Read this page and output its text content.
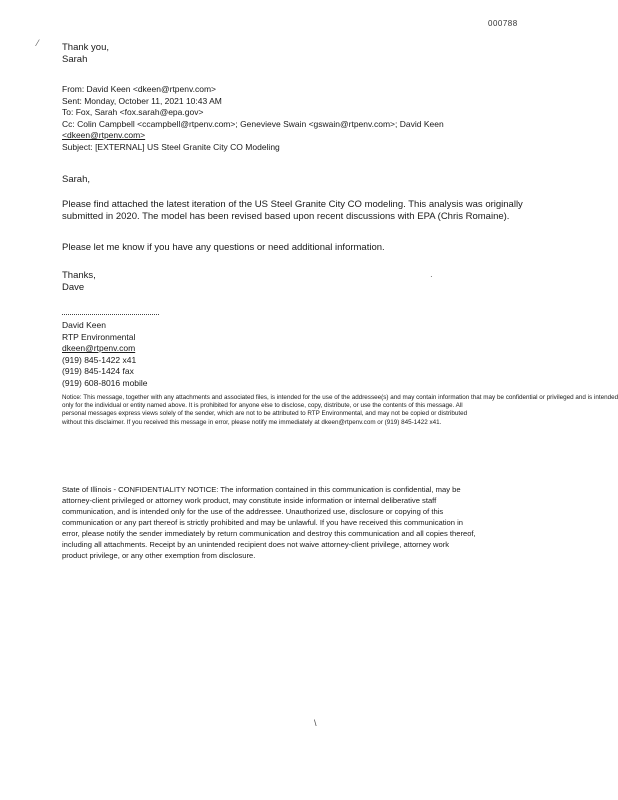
000788
⁄ Thank you,
Sarah
From: David Keen <dkeen@rtpenv.com>
Sent: Monday, October 11, 2021 10:43 AM
To: Fox, Sarah <fox.sarah@epa.gov>
Cc: Colin Campbell <ccampbell@rtpenv.com>; Genevieve Swain <gswain@rtpenv.com>; David Keen
<dkeen@rtpenv.com>
Subject: [EXTERNAL] US Steel Granite City CO Modeling
Sarah,
Please find attached the latest iteration of the US Steel Granite City CO modeling. This analysis was originally
submitted in 2020. The model has been revised based upon recent discussions with EPA (Chris Romaine).
Please let me know if you have any questions or need additional information.
Thanks,
Dave
·
David Keen
RTP Environmental
dkeen@rtpenv.com
(919) 845-1422 x41
(919) 845-1424 fax
(919) 608-8016 mobile
Notice: This message, together with any attachments and associated files, is intended for the use of the addressee(s) and may contain information that may be confidential or privileged and is intended
only for the individual or entity named above. It is prohibited for anyone else to disclose, copy, distribute, or use the contents of this message. All
personal messages express views solely of the sender, which are not to be attributed to RTP Environmental, and may not be copied or distributed
without this disclaimer. If you received this message in error, please notify me immediately at dkeen@rtpenv.com or (919) 845-1422 x41.
State of Illinois - CONFIDENTIALITY NOTICE: The information contained in this communication is confidential, may be
attorney-client privileged or attorney work product, may constitute inside information or internal deliberative staff
communication, and is intended only for the use of the addressee. Unauthorized use, disclosure or copying of this
communication or any part thereof is strictly prohibited and may be unlawful. If you have received this communication in
error, please notify the sender immediately by return communication and destroy this communication and all copies thereof,
including all attachments. Receipt by an unintended recipient does not waive attorney-client privilege, attorney work
product privilege, or any other exemption from disclosure.
\
